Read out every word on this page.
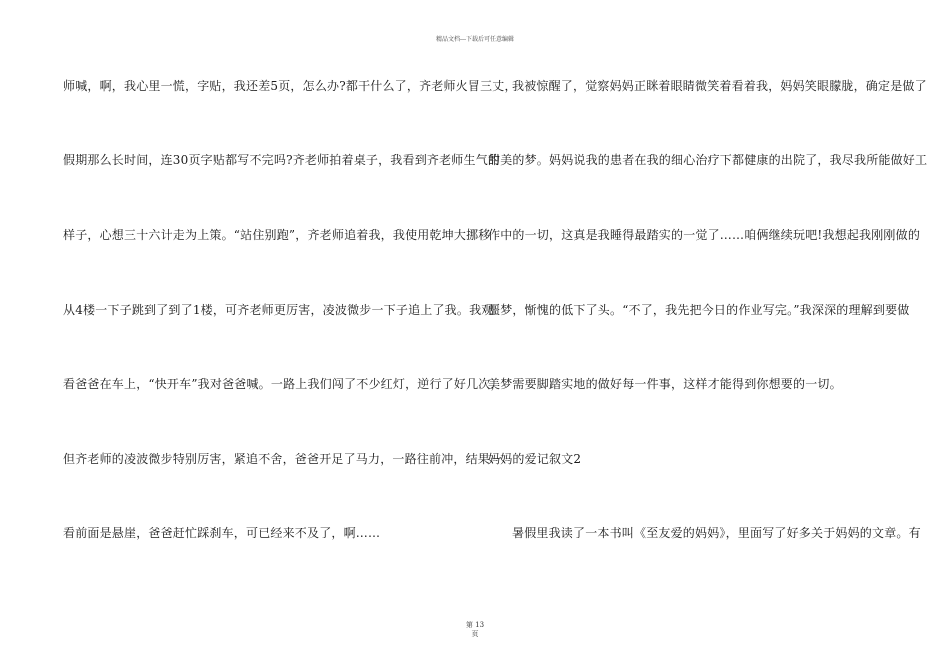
精品文档---下载后可任意编辑
师喊，啊，我心里一慌，字贴，我还差5页，怎么办?都干什么了，齐老师火冒三丈，
假期那么长时间，连30页字贴都写不完吗?齐老师拍着桌子，我看到齐老师生气的
样子，心想三十六计走为上策。“站住别跑”，齐老师追着我，我使用乾坤大挪移
从4楼一下子跳到了到了1楼，可齐老师更厉害，凌波微步一下子追上了我。我观
看爸爸在车上，“快开车”我对爸爸喊。一路上我们闯了不少红灯，逆行了好几次，
但齐老师的凌波微步特别厉害，紧追不舍，爸爸开足了马力，一路往前冲，结果一
看前面是悬崖，爸爸赶忙踩刹车，可已经来不及了，啊……
我被惊醒了，觉察妈妈正眯着眼睛微笑着看着我，妈妈笑眼朦胧，确定是做了
甜美的梦。妈妈说我的患者在我的细心治疗下都健康的出院了，我尽我所能做好工
作中的一切，这真是我睡得最踏实的一觉了……咱俩继续玩吧!我想起我刚刚做的
噩梦，惭愧的低下了头。“不了，我先把今日的作业写完。”我深深的理解到要做
美梦需要脚踏实地的做好每一件事，这样才能得到你想要的一切。
妈妈的爱记叙文2
暑假里我读了一本书叫《至友爱的妈妈》，里面写了好多关于妈妈的文章。有
第 13
页
